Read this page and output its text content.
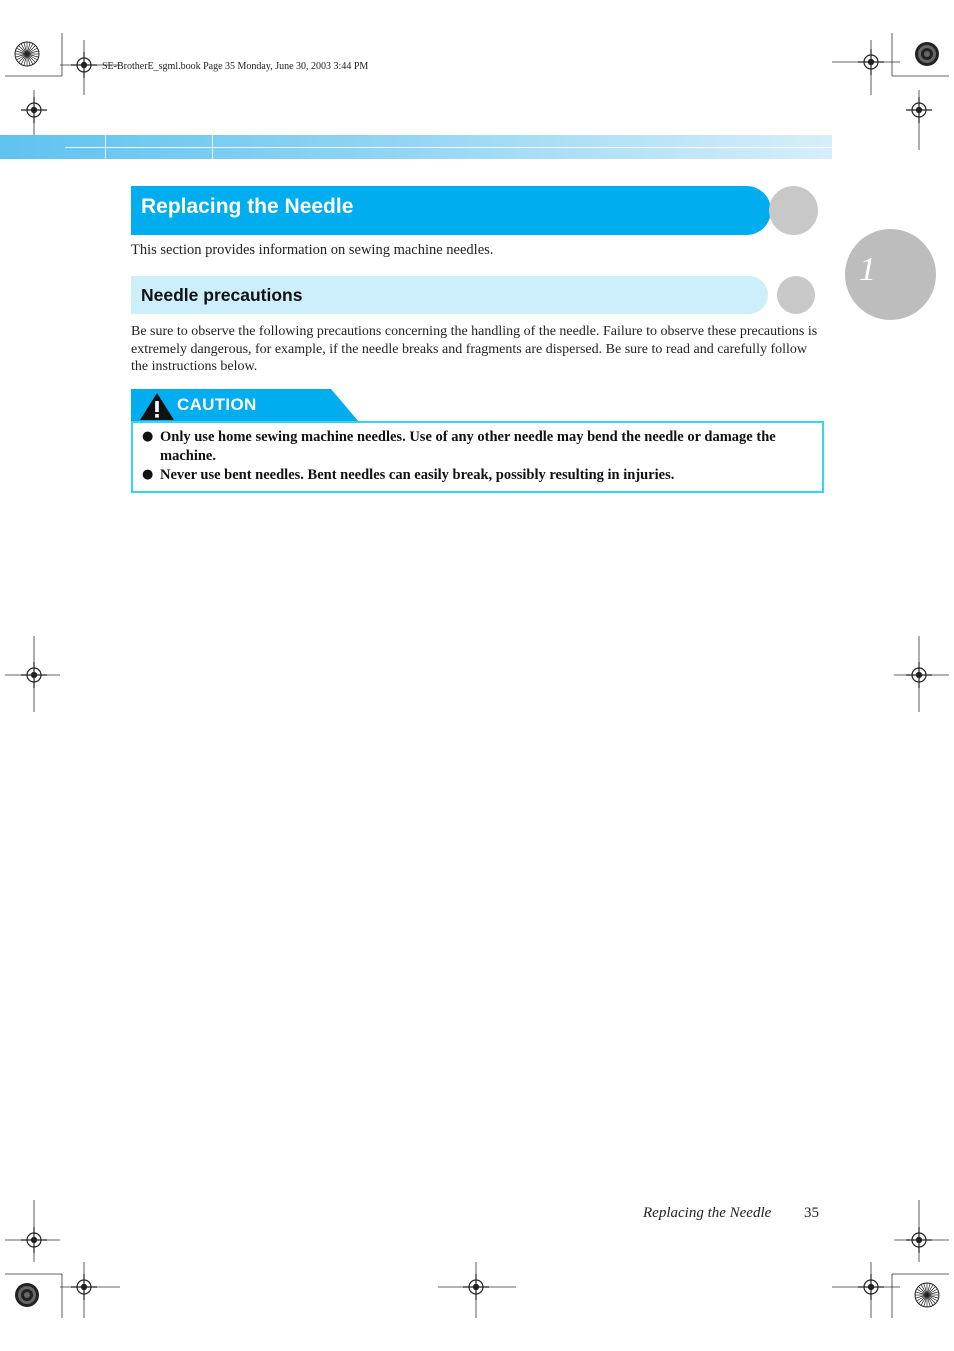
SE-BrotherE_sgml.book Page 35 Monday, June 30, 2003 3:44 PM
Replacing the Needle
This section provides information on sewing machine needles.
Needle precautions
Be sure to observe the following precautions concerning the handling of the needle. Failure to observe these precautions is extremely dangerous, for example, if the needle breaks and fragments are dispersed. Be sure to read and carefully follow the instructions below.
1
CAUTION
● Only use home sewing machine needles. Use of any other needle may bend the needle or damage the machine.
● Never use bent needles. Bent needles can easily break, possibly resulting in injuries.
Replacing the Needle 35
